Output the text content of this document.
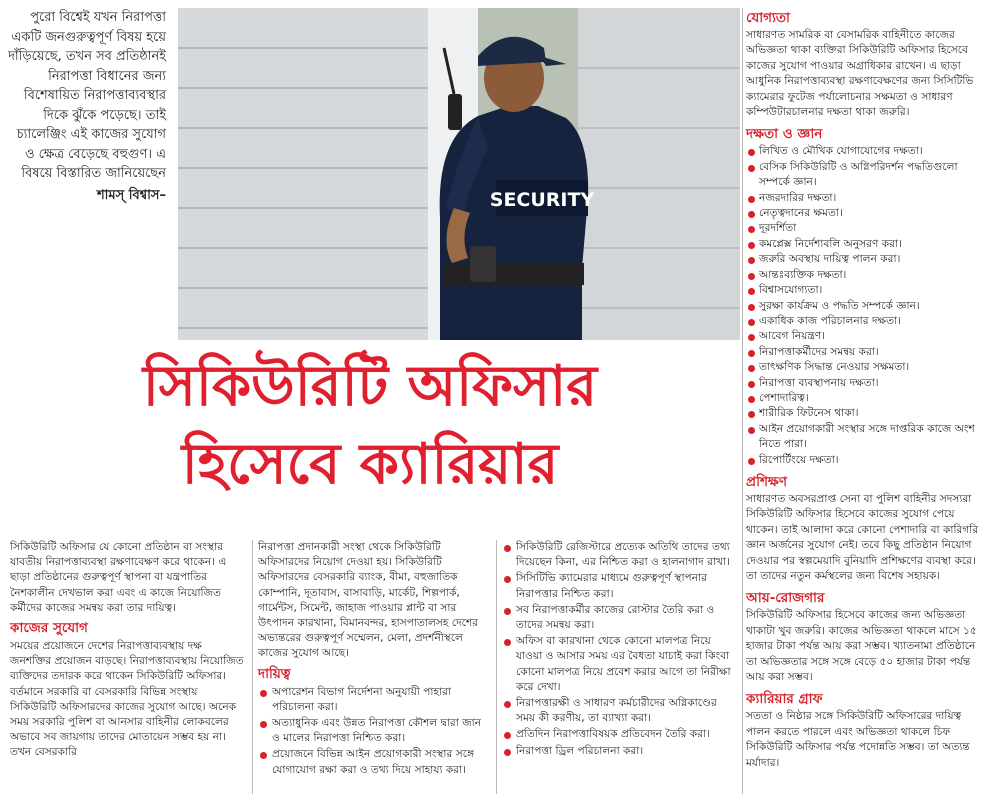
পুরো বিশ্বেই যখন নিরাপত্তা একটি জনগুরুত্বপূর্ণ বিষয় হয়ে দাঁড়িয়েছে, তখন সব প্রতিষ্ঠানই নিরাপত্তা বিধানের জন্য বিশেষায়িত নিরাপত্তাব্যবস্থার দিকে ঝুঁকে পড়েছে। তাই চ্যালেঞ্জিং এই কাজের সুযোগ ও ক্ষেত্র বেড়েছে বহুগুণ। এ বিষয়ে বিস্তারিত জানিয়েছেন

শামস্ বিশ্বাস–	SECURITY
সিকিউরিটি অফিসার
হিসেবে ক্যারিয়ার

সিকিউরিটি অফিসার যে কোনো প্রতিষ্ঠান বা সংস্থার যাবতীয় নিরাপত্তাব্যবস্থা রক্ষণাবেক্ষণ করে থাকেন। এ ছাড়া প্রতিষ্ঠানের গুরুত্বপূর্ণ স্থাপনা বা যন্ত্রপাতির নৈশকালীন দেখভাল করা এবং এ কাজে নিয়োজিত কর্মীদের কাজের সমন্বয় করা তার দায়িত্ব।

কাজের সুযোগ

সময়ের প্রয়োজনে দেশের নিরাপত্তাব্যবস্থায় দক্ষ জনশক্তির প্রয়োজন বাড়ছে। নিরাপত্তাব্যবস্থায় নিয়োজিত ব্যক্তিদের তদারক করে থাকেন সিকিউরিটি অফিসার। বর্তমানে সরকারি বা বেসরকারি বিভিন্ন সংস্থায় সিকিউরিটি অফিসারদের কাজের সুযোগ আছে। অনেক সময় সরকারি পুলিশ বা আনসার বাহিনীর লোকবলের অভাবে সব জায়গায় তাদের মোতায়েন সম্ভব হয় না। তখন বেসরকারি

নিরাপত্তা প্রদানকারী সংস্থা থেকে সিকিউরিটি অফিসারদের নিয়োগ দেওয়া হয়। সিকিউরিটি অফিসারদের বেসরকারি ব্যাংক, বীমা, বহুজাতিক কোম্পানি, দূতাবাস, বাসাবাড়ি, মার্কেট, শিল্পপার্ক, গার্মেন্টস, সিমেন্ট, জাহাজ পাওয়ার প্লান্ট বা সার উৎপাদন কারখানা, বিমানবন্দর, হাসপাতালসহ দেশের অভ্যন্তরের গুরুত্বপূর্ণ সম্মেলন, মেলা, প্রদর্শনীস্থলে কাজের সুযোগ আছে।

দায়িত্ব
অপারেশন বিভাগ নির্দেশনা অনুযায়ী পাহারা পরিচালনা করা।
অত্যাধুনিক এবং উন্নত নিরাপত্তা কৌশল দ্বারা জান ও মালের নিরাপত্তা নিশ্চিত করা।
প্রয়োজনে বিভিন্ন আইন প্রয়োগকারী সংস্থার সঙ্গে যোগাযোগ রক্ষা করা ও তথ্য দিয়ে সাহায্য করা।
সিকিউরিটি রেজিস্টারে প্রত্যেক অতিথি তাদের তথ্য দিয়েছেন কিনা, এর নিশ্চিত করা ও হালনাগাদ রাখা।
সিসিটিভি ক্যামেরার মাধ্যমে গুরুত্বপূর্ণ স্থাপনার নিরাপত্তার নিশ্চিত করা।
সব নিরাপত্তাকর্মীর কাজের রোস্টার তৈরি করা ও তাদের সমন্বয় করা।
অফিস বা কারখানা থেকে কোনো মালপত্র নিয়ে যাওয়া ও আসার সময় এর বৈধতা যাচাই করা কিংবা কোনো মালপত্র নিয়ে প্রবেশ করার আগে তা নিরীক্ষা করে দেখা।
নিরাপত্তারক্ষী ও সাধারণ কর্মচারীদের অগ্নিকাণ্ডের সময় কী করণীয়, তা ব্যাখ্যা করা।
প্রতিদিন নিরাপত্তাবিষয়ক প্রতিবেদন তৈরি করা।
নিরাপত্তা ড্রিল পরিচালনা করা।
যোগ্যতা

সাধারণত সামরিক বা বেসামরিক বাহিনীতে কাজের অভিজ্ঞতা থাকা ব্যক্তিরা সিকিউরিটি অফিসার হিসেবে কাজের সুযোগ পাওয়ার অগ্রাধিকার রাখেন। এ ছাড়া আধুনিক নিরাপত্তাব্যবস্থা রক্ষণাবেক্ষণের জন্য সিসিটিভি ক্যামেরার ফুটেজ পর্যালোচনার সক্ষমতা ও সাধারণ কম্পিউটারচালনার দক্ষতা থাকা জরুরি।

দক্ষতা ও জ্ঞান
লিখিত ও মৌখিক যোগাযোগের দক্ষতা।
বেসিক সিকিউরিটি ও অগ্নিপরিদর্শন পদ্ধতিগুলো সম্পর্কে জ্ঞান।
নজরদারির দক্ষতা।
নেতৃত্বদানের ক্ষমতা।
দূরদর্শিতা
কমপ্লেক্স নির্দেশাবলি অনুসরণ করা।
জরুরি অবস্থায় দায়িত্ব পালন করা।
আন্তঃব্যক্তিক দক্ষতা।
বিশ্বাসযোগ্যতা।
সুরক্ষা কার্যক্রম ও পদ্ধতি সম্পর্কে জ্ঞান।
একাধিক কাজ পরিচালনার দক্ষতা।
আবেগ নিয়ন্ত্রণ।
নিরাপত্তাকর্মীদের সমন্বয় করা।
তাৎক্ষণিক সিদ্ধান্ত নেওয়ার সক্ষমতা।
নিরাপত্তা ব্যবস্থাপনায় দক্ষতা।
পেশাদারিত্ব।
শারীরিক ফিটনেস থাকা।
আইন প্রয়োগকারী সংস্থার সঙ্গে দাপ্তরিক কাজে অংশ নিতে পারা।
রিপোর্টিংয়ে দক্ষতা।
প্রশিক্ষণ

সাধারণত অবসরপ্রাপ্ত সেনা বা পুলিশ বাহিনীর সদস্যরা সিকিউরিটি অফিসার হিসেবে কাজের সুযোগ পেয়ে থাকেন। তাই আলাদা করে কোনো পেশাদারি বা কারিগরি জ্ঞান অর্জনের সুযোগ নেই। তবে কিছু প্রতিষ্ঠান নিয়োগ দেওয়ার পর স্বল্পমেয়াদি বুনিয়াদি প্রশিক্ষণের ব্যবস্থা করে। তা তাদের নতুন কর্মস্থলের জন্য বিশেষ সহায়ক।

আয়-রোজগার

সিকিউরিটি অফিসার হিসেবে কাজের জন্য অভিজ্ঞতা থাকাটা খুব জরুরি। কাজের অভিজ্ঞতা থাকলে মাসে ১৫ হাজার টাকা পর্যন্ত আয় করা সম্ভব। খ্যাতনামা প্রতিষ্ঠানে তা অভিজ্ঞতার সঙ্গে সঙ্গে বেড়ে ৫০ হাজার টাকা পর্যন্ত আয় করা সম্ভব।

ক্যারিয়ার গ্রাফ

সততা ও নিষ্ঠার সঙ্গে সিকিউরিটি অফিসারের দায়িত্ব পালন করতে পারলে এবং অভিজ্ঞতা থাকলে চিফ সিকিউরিটি অফিসার পর্যন্ত পদোন্নতি সম্ভব। তা অত্যন্ত মর্যাদার।
